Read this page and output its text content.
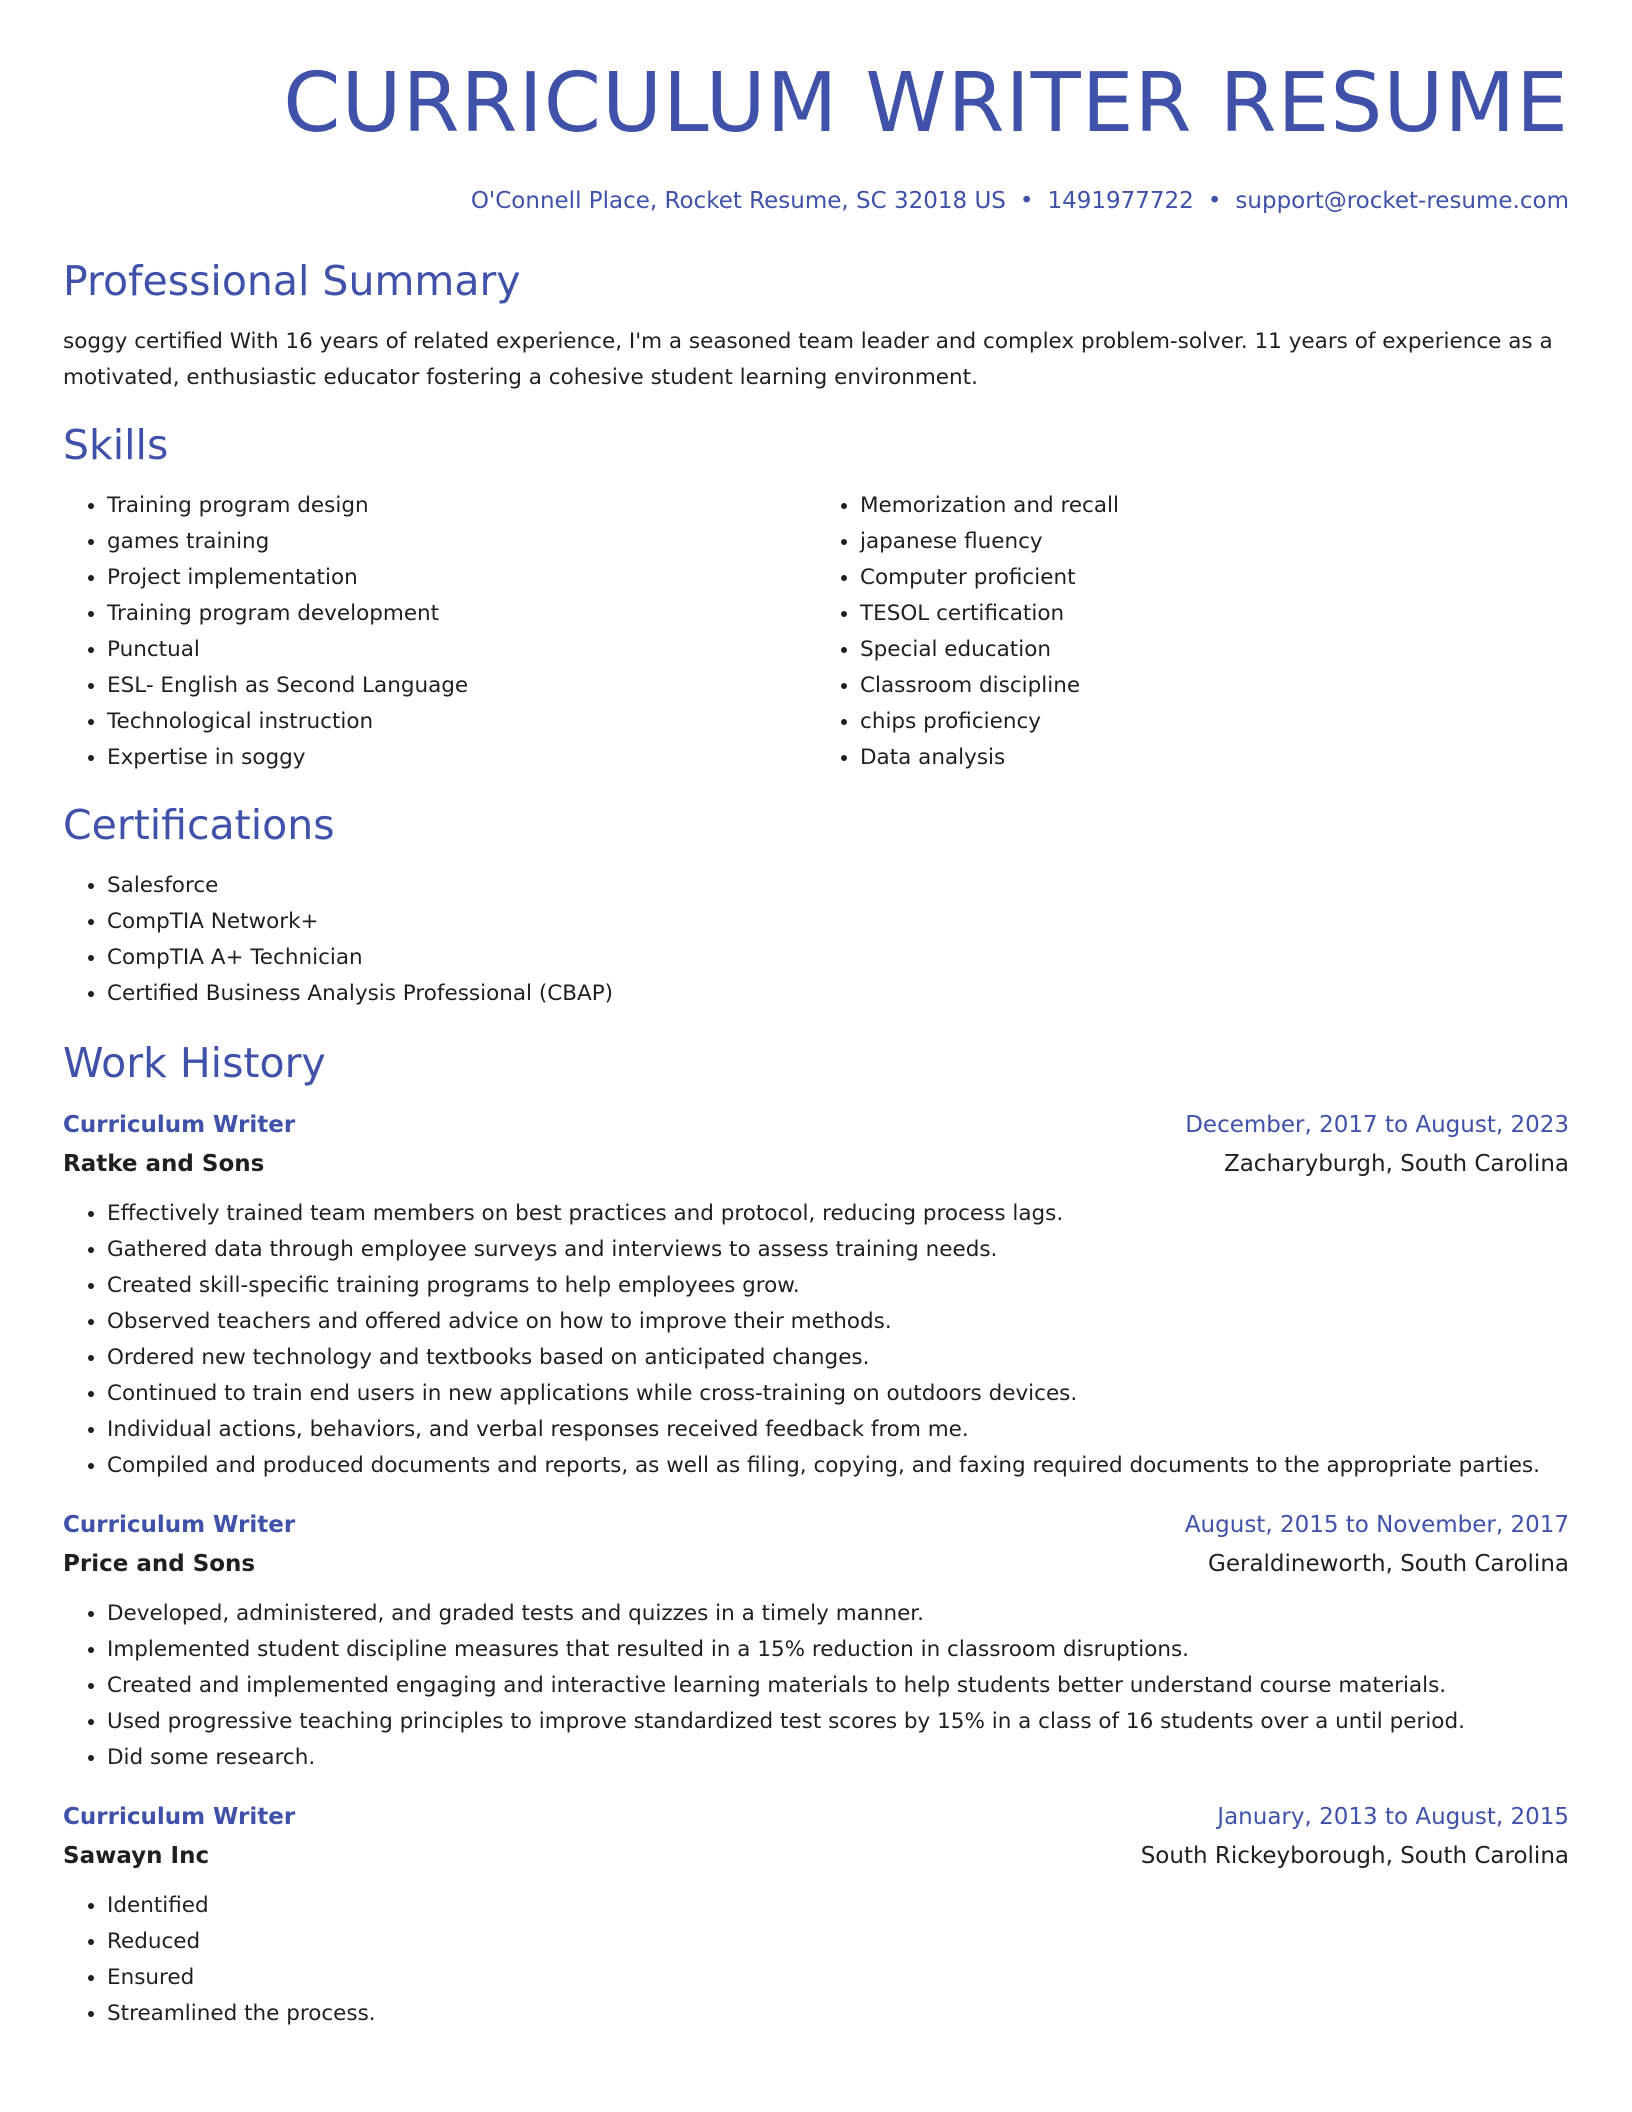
CURRICULUM WRITER RESUME
O'Connell Place, Rocket Resume, SC 32018 US • 1491977722 • support@rocket-resume.com
Professional Summary

soggy certified With 16 years of related experience, I'm a seasoned team leader and complex problem-solver. 11 years of experience as a motivated, enthusiastic educator fostering a cohesive student learning environment.

Skills
• Training program design
• games training
• Project implementation
• Training program development
• Punctual
• ESL- English as Second Language
• Technological instruction
• Expertise in soggy
• Memorization and recall
• japanese fluency
• Computer proficient
• TESOL certification
• Special education
• Classroom discipline
• chips proficiency
• Data analysis
Certifications
• Salesforce
• CompTIA Network+
• CompTIA A+ Technician
• Certified Business Analysis Professional (CBAP)
Work History
Curriculum Writer	December, 2017 to August, 2023
Ratke and Sons	Zacharyburgh, South Carolina
• Effectively trained team members on best practices and protocol, reducing process lags.
• Gathered data through employee surveys and interviews to assess training needs.
• Created skill-specific training programs to help employees grow.
• Observed teachers and offered advice on how to improve their methods.
• Ordered new technology and textbooks based on anticipated changes.
• Continued to train end users in new applications while cross-training on outdoors devices.
• Individual actions, behaviors, and verbal responses received feedback from me.
• Compiled and produced documents and reports, as well as filing, copying, and faxing required documents to the appropriate parties.
Curriculum Writer	August, 2015 to November, 2017
Price and Sons	Geraldineworth, South Carolina
• Developed, administered, and graded tests and quizzes in a timely manner.
• Implemented student discipline measures that resulted in a 15% reduction in classroom disruptions.
• Created and implemented engaging and interactive learning materials to help students better understand course materials.
• Used progressive teaching principles to improve standardized test scores by 15% in a class of 16 students over a until period.
• Did some research.
Curriculum Writer	January, 2013 to August, 2015
Sawayn Inc	South Rickeyborough, South Carolina
• Identified
• Reduced
• Ensured
• Streamlined the process.
